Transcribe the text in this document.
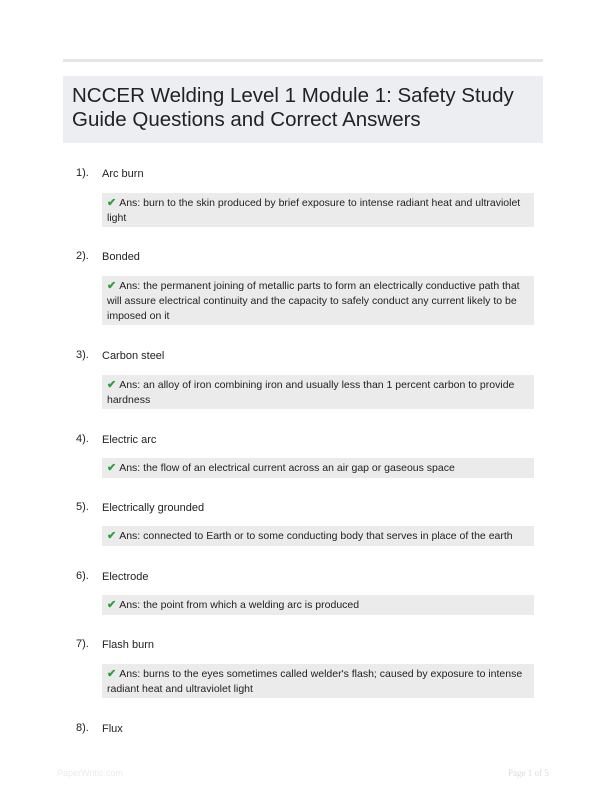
NCCER Welding Level 1 Module 1: Safety Study Guide Questions and Correct Answers
1). Arc burn
✔ Ans: burn to the skin produced by brief exposure to intense radiant heat and ultraviolet light
2). Bonded
✔ Ans: the permanent joining of metallic parts to form an electrically conductive path that will assure electrical continuity and the capacity to safely conduct any current likely to be imposed on it
3). Carbon steel
✔ Ans: an alloy of iron combining iron and usually less than 1 percent carbon to provide hardness
4). Electric arc
✔ Ans: the flow of an electrical current across an air gap or gaseous space
5). Electrically grounded
✔ Ans: connected to Earth or to some conducting body that serves in place of the earth
6). Electrode
✔ Ans: the point from which a welding arc is produced
7). Flash burn
✔ Ans: burns to the eyes sometimes called welder's flash; caused by exposure to intense radiant heat and ultraviolet light
8). Flux
PaperWritic.com	Page 1 of 5
